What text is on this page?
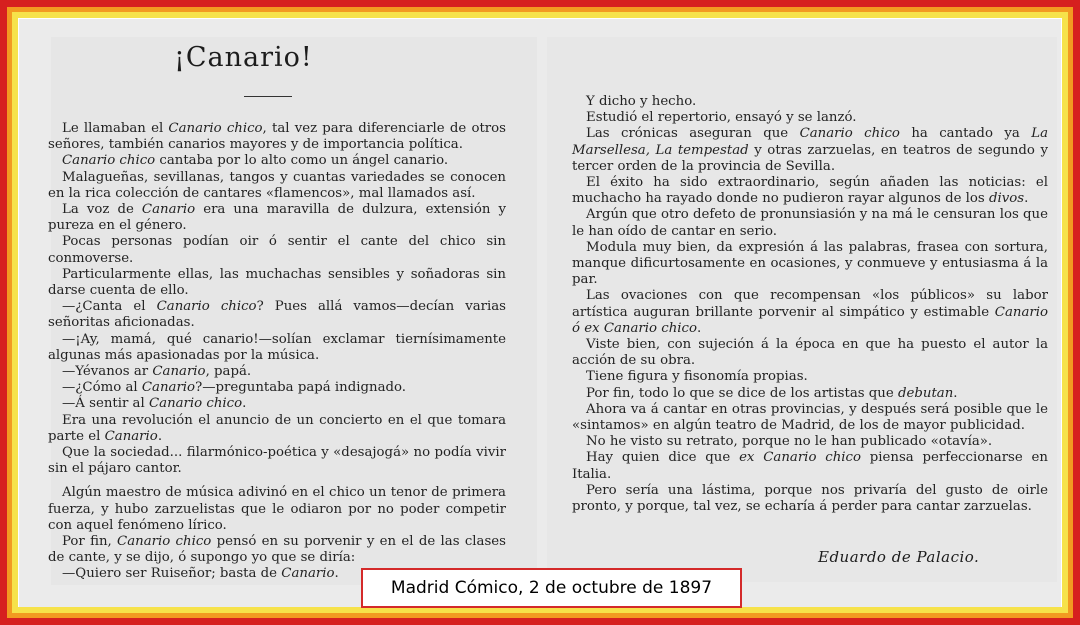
¡Canario!

Le llamaban el Canario chico, tal vez para diferenciarle de otros señores, también canarios mayores y de importancia política.

Canario chico cantaba por lo alto como un ángel canario.

Malagueñas, sevillanas, tangos y cuantas variedades se conocen en la rica colección de cantares «flamencos», mal llamados así.

La voz de Canario era una maravilla de dulzura, extensión y pureza en el género.

Pocas personas podían oir ó sentir el cante del chico sin conmoverse.

Particularmente ellas, las muchachas sensibles y soñadoras sin darse cuenta de ello.

—¿Canta el Canario chico? Pues allá vamos—decían varias señoritas aficionadas.

—¡Ay, mamá, qué canario!—solían exclamar tiernísimamente algunas más apasionadas por la música.

—Yévanos ar Canario, papá.

—¿Cómo al Canario?—preguntaba papá indignado.

—Á sentir al Canario chico.

Era una revolución el anuncio de un concierto en el que tomara parte el Canario.

Que la sociedad... filarmónico-poética y «desajogá» no podía vivir sin el pájaro cantor.

Algún maestro de música adivinó en el chico un tenor de primera fuerza, y hubo zarzuelistas que le odiaron por no poder competir con aquel fenómeno lírico.

Por fin, Canario chico pensó en su porvenir y en el de las clases de cante, y se dijo, ó supongo yo que se diría:

—Quiero ser Ruiseñor; basta de Canario.

Y dicho y hecho.

Estudió el repertorio, ensayó y se lanzó.

Las crónicas aseguran que Canario chico ha cantado ya La Marsellesa, La tempestad y otras zarzuelas, en teatros de segundo y tercer orden de la provincia de Sevilla.

El éxito ha sido extraordinario, según añaden las noticias: el muchacho ha rayado donde no pudieron rayar algunos de los divos.

Argún que otro defeto de pronunsiasión y na má le censuran los que le han oído de cantar en serio.

Modula muy bien, da expresión á las palabras, frasea con sortura, manque dificurtosamente en ocasiones, y conmueve y entusiasma á la par.

Las ovaciones con que recompensan «los públicos» su labor artística auguran brillante porvenir al simpático y estimable Canario ó ex Canario chico.

Viste bien, con sujeción á la época en que ha puesto el autor la acción de su obra.

Tiene figura y fisonomía propias.

Por fin, todo lo que se dice de los artistas que debutan.

Ahora va á cantar en otras provincias, y después será posible que le «sintamos» en algún teatro de Madrid, de los de mayor publicidad.

No he visto su retrato, porque no le han publicado «otavía».

Hay quien dice que ex Canario chico piensa perfeccionarse en Italia.

Pero sería una lástima, porque nos privaría del gusto de oirle pronto, y porque, tal vez, se echaría á perder para cantar zarzuelas.

Eduardo de Palacio.
Madrid Cómico, 2 de octubre de 1897
